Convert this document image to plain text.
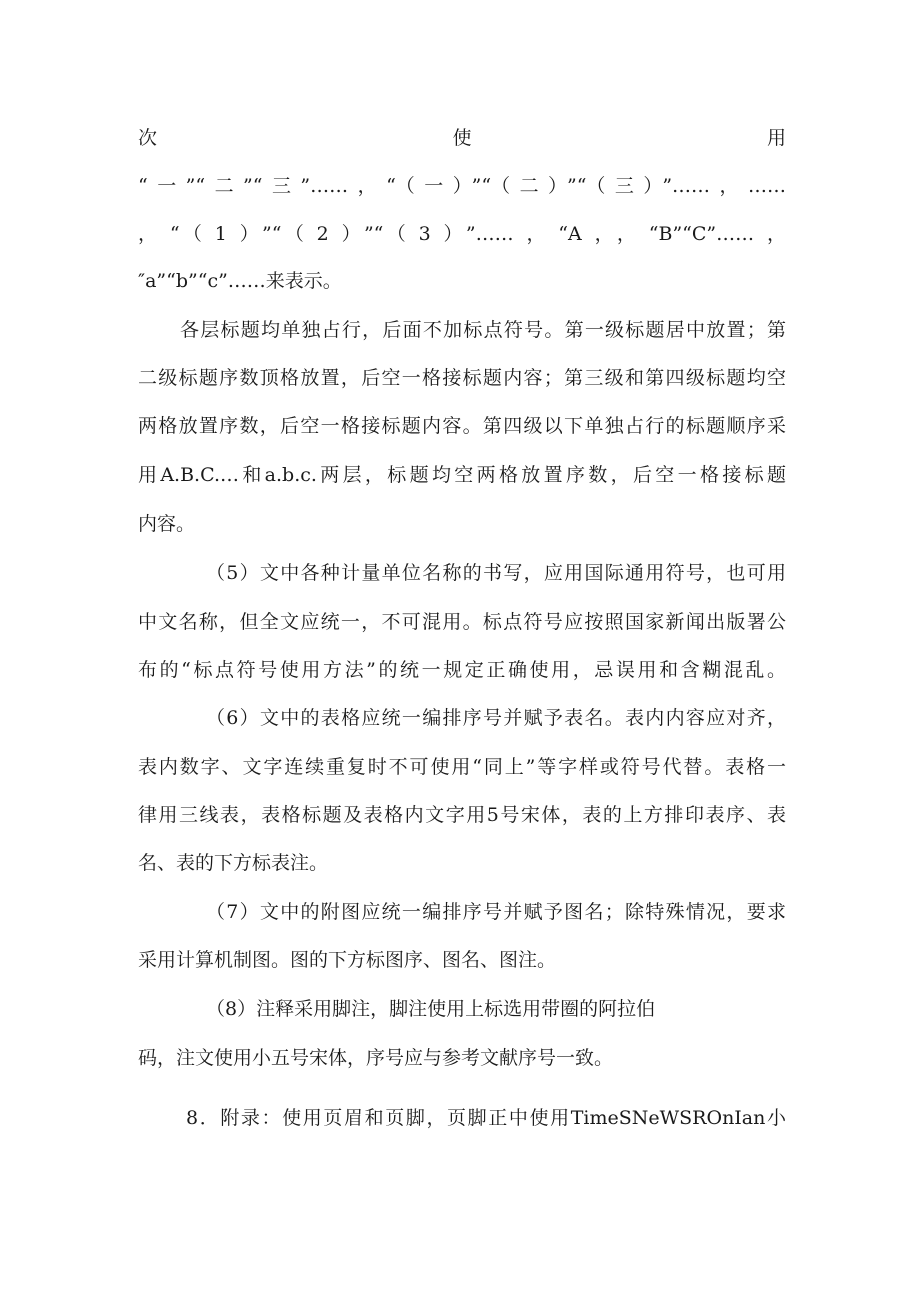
次	使	用
“一”“二”“三”……，“（一）”“（二）”“（三）”……，……
，“（1）”“（2）”“（3）”……，“A，，“B”“C”……，
″a”“b”“c”……来表示。
各层标题均单独占行，后面不加标点符号。第一级标题居中放置；第
二级标题序数顶格放置，后空一格接标题内容；第三级和第四级标题均空
两格放置序数，后空一格接标题内容。第四级以下单独占行的标题顺序采
用A.B.C.…和a.b.c.两层，标题均空两格放置序数，后空一格接标题
内容。
（5）文中各种计量单位名称的书写，应用国际通用符号，也可用
中文名称，但全文应统一，不可混用。标点符号应按照国家新闻出版署公
布的“标点符号使用方法”的统一规定正确使用，忌误用和含糊混乱。
（6）文中的表格应统一编排序号并赋予表名。表内内容应对齐，
表内数字、文字连续重复时不可使用“同上”等字样或符号代替。表格一
律用三线表，表格标题及表格内文字用5号宋体，表的上方排印表序、表
名、表的下方标表注。
（7）文中的附图应统一编排序号并赋予图名；除特殊情况，要求
采用计算机制图。图的下方标图序、图名、图注。
（8）注释采用脚注，脚注使用上标选用带圈的阿拉伯
码，注文使用小五号宋体，序号应与参考文献序号一致。
8．附录：使用页眉和页脚，页脚正中使用TimeSNeWSROnIan小
